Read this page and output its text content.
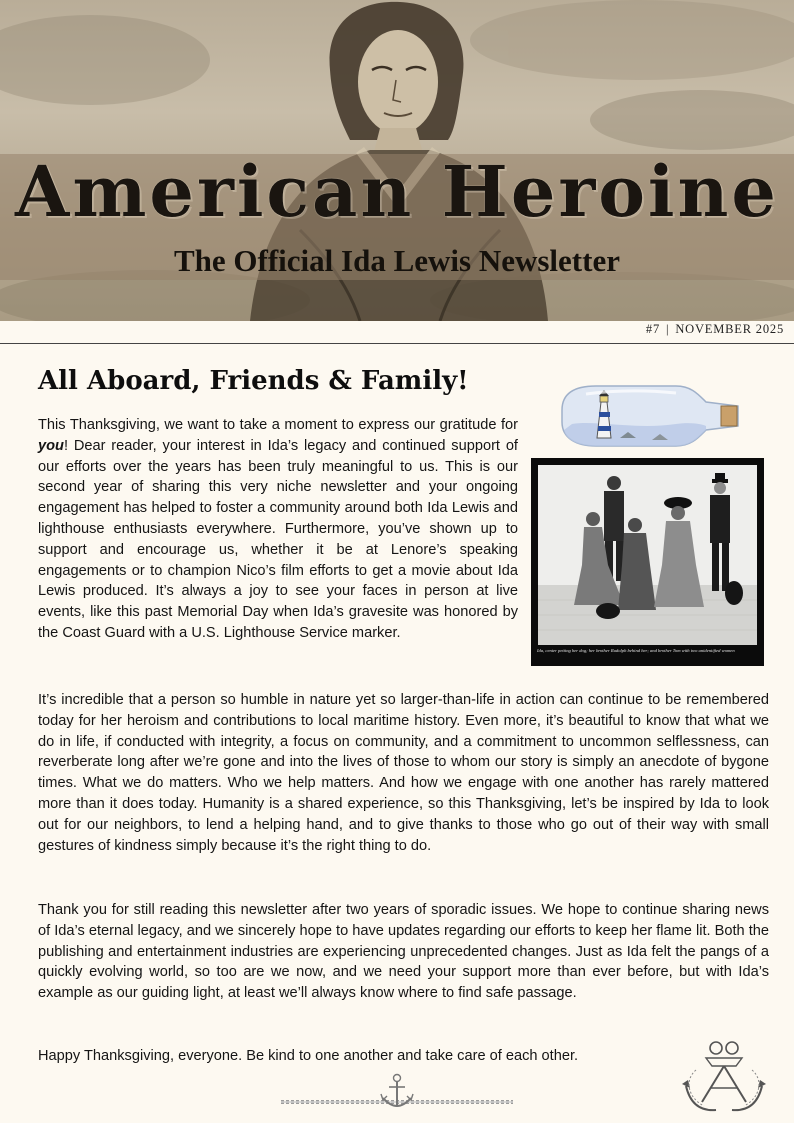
American Heroine
The Official Ida Lewis Newsletter
#7 | NOVEMBER 2025
All Aboard, Friends & Family!

This Thanksgiving, we want to take a moment to express our gratitude for you! Dear reader, your interest in Ida’s legacy and continued support of our efforts over the years has been truly meaningful to us. This is our second year of sharing this very niche newsletter and your ongoing engagement has helped to foster a community around both Ida Lewis and lighthouse enthusiasts everywhere. Furthermore, you’ve shown up to support and encourage us, whether it be at Lenore’s speaking engagements or to champion Nico’s film efforts to get a movie about Ida Lewis produced. It’s always a joy to see your faces in person at live events, like this past Memorial Day when Ida’s gravesite was honored by the Coast Guard with a U.S. Lighthouse Service marker.

Ida, center petting her dog; her brother Rudolph behind her; and brother Tom with two unidentified women

It’s incredible that a person so humble in nature yet so larger-than-life in action can continue to be remembered today for her heroism and contributions to local maritime history. Even more, it’s beautiful to know that what we do in life, if conducted with integrity, a focus on community, and a commitment to uncommon selflessness, can reverberate long after we’re gone and into the lives of those to whom our story is simply an anecdote of bygone times. What we do matters. Who we help matters. And how we engage with one another has rarely mattered more than it does today. Humanity is a shared experience, so this Thanksgiving, let’s be inspired by Ida to look out for our neighbors, to lend a helping hand, and to give thanks to those who go out of their way with small gestures of kindness simply because it’s the right thing to do.

Thank you for still reading this newsletter after two years of sporadic issues. We hope to continue sharing news of Ida’s eternal legacy, and we sincerely hope to have updates regarding our efforts to keep her flame lit. Both the publishing and entertainment industries are experiencing unprecedented changes. Just as Ida felt the pangs of a quickly evolving world, so too are we now, and we need your support more than ever before, but with Ida’s example as our guiding light, at least we’ll always know where to find safe passage.

Happy Thanksgiving, everyone. Be kind to one another and take care of each other.
